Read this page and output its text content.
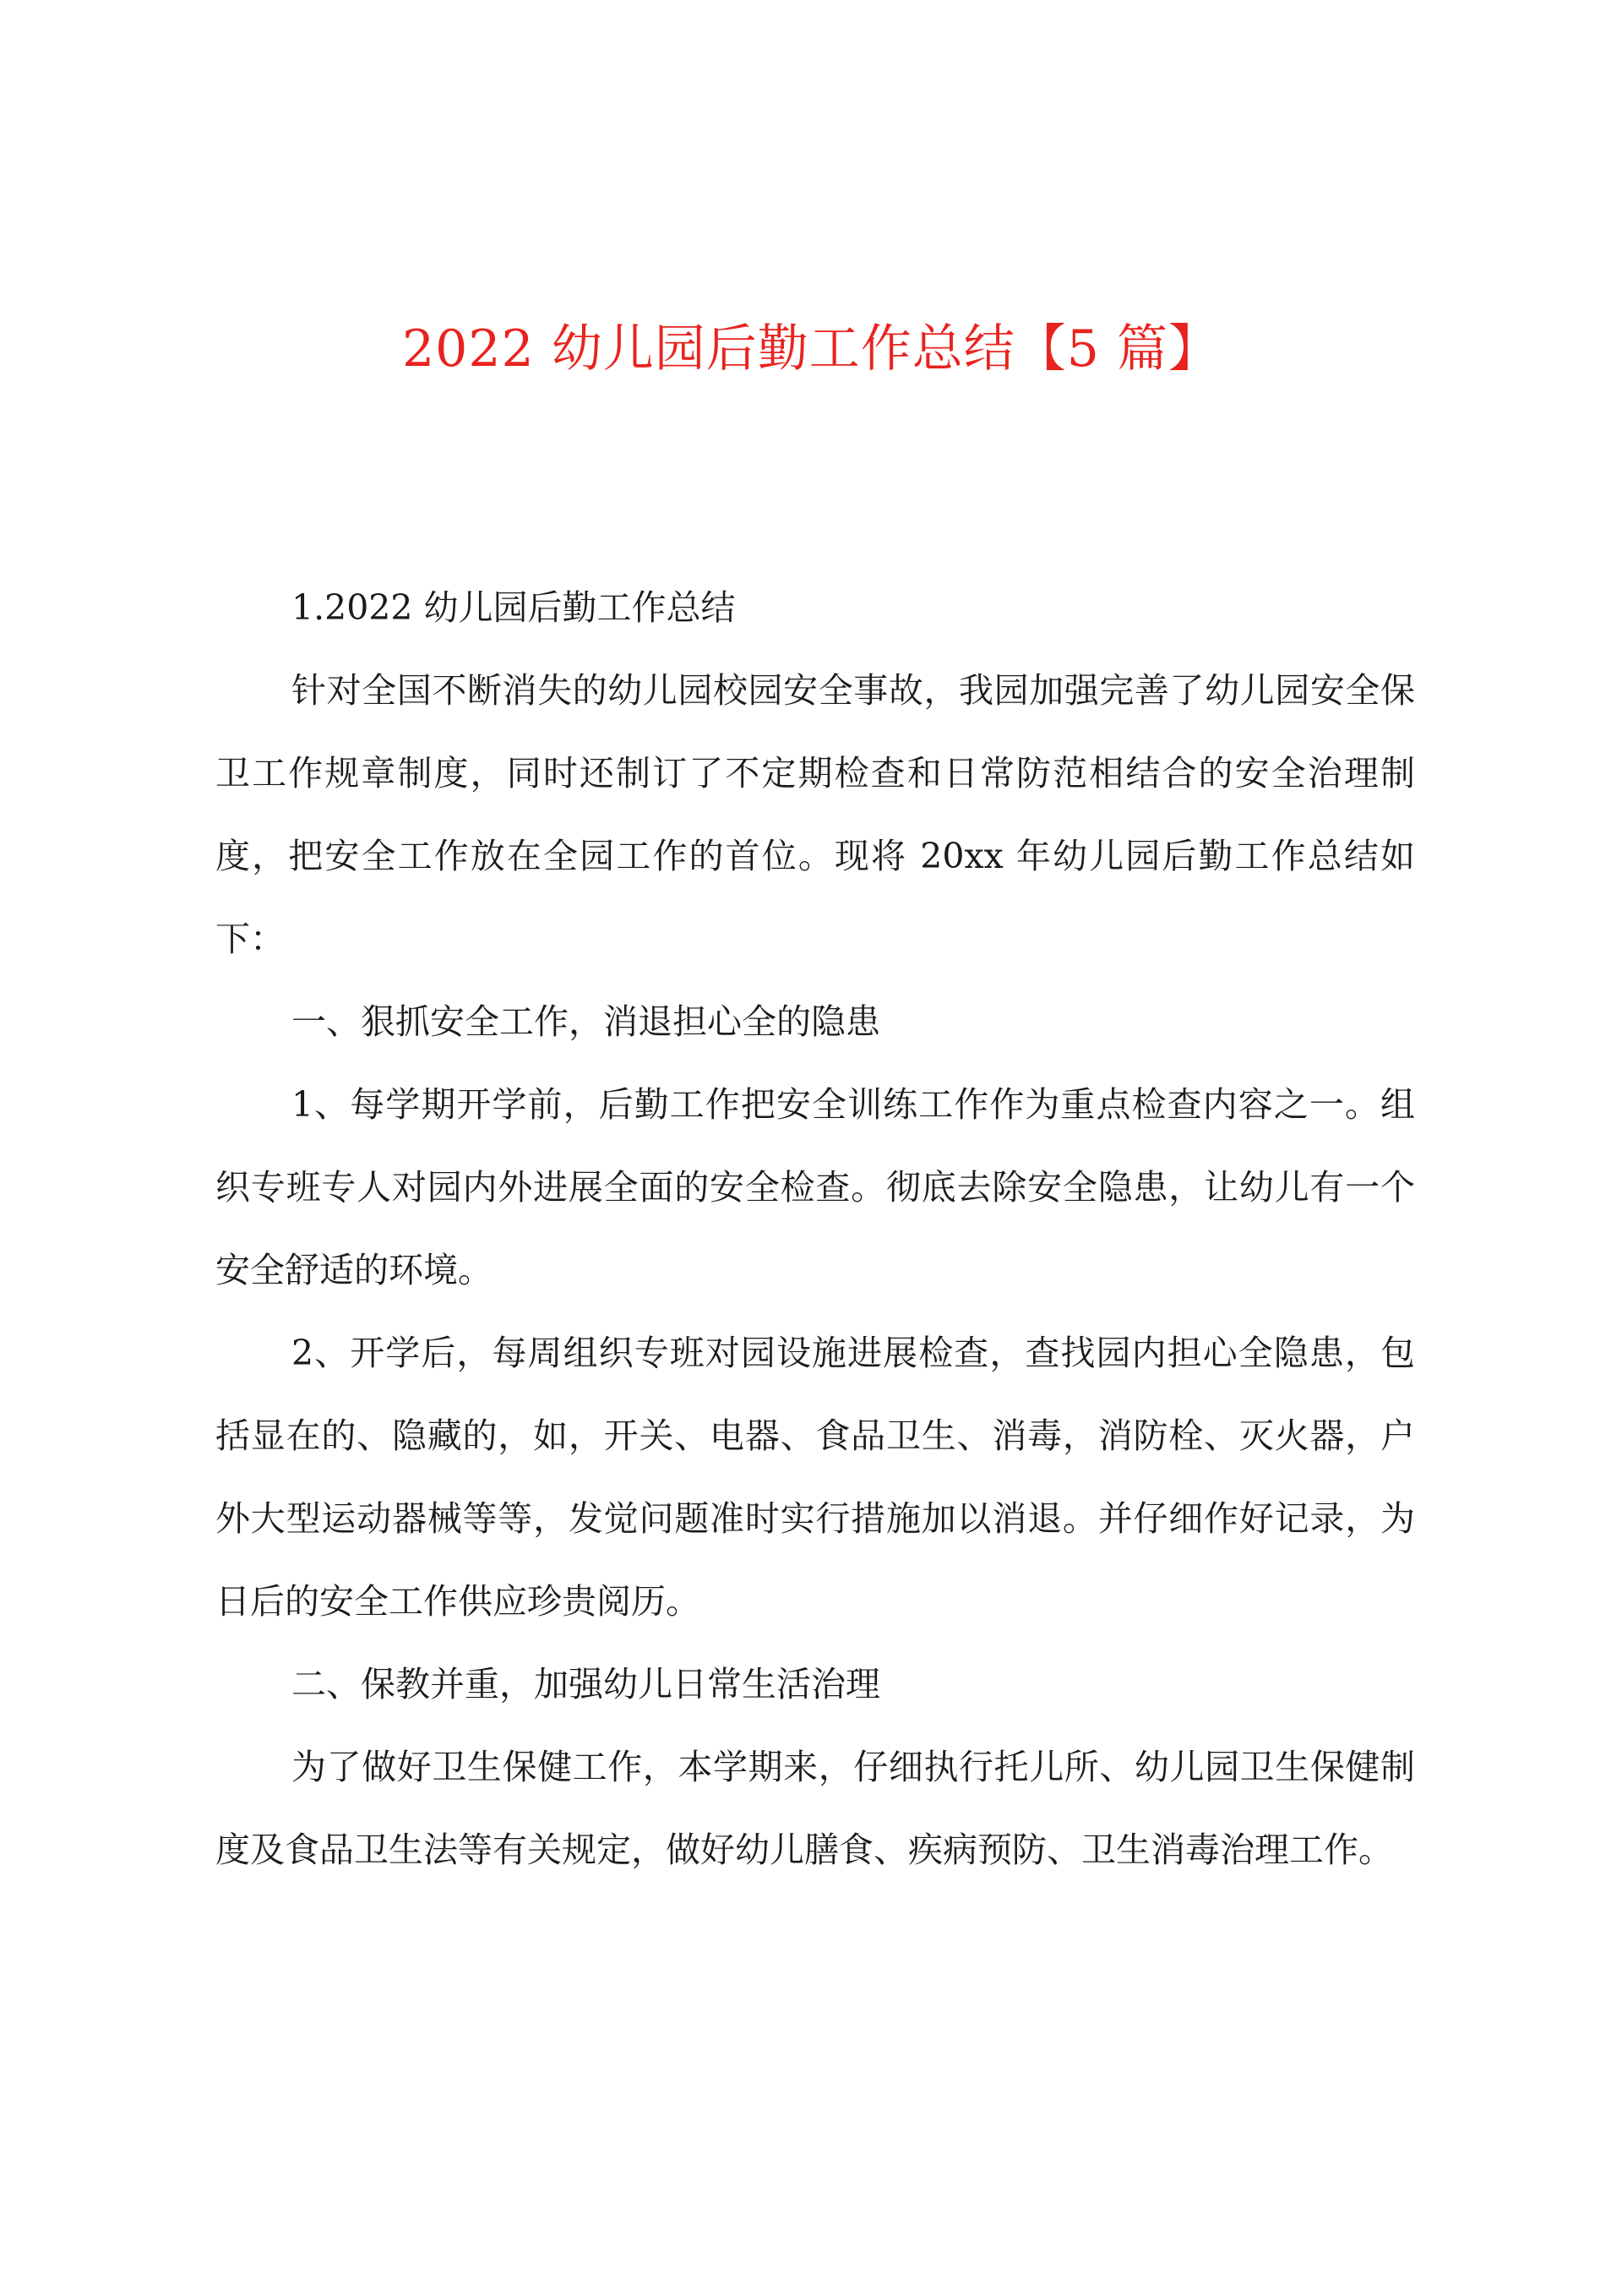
2022 幼儿园后勤工作总结【5 篇】

1.2022 幼儿园后勤工作总结

针对全国不断消失的幼儿园校园安全事故，我园加强完善了幼儿园安全保卫工作规章制度，同时还制订了不定期检查和日常防范相结合的安全治理制度，把安全工作放在全园工作的首位。现将 20xx 年幼儿园后勤工作总结如下：

一、狠抓安全工作，消退担心全的隐患

1、每学期开学前，后勤工作把安全训练工作作为重点检查内容之一。组织专班专人对园内外进展全面的安全检查。彻底去除安全隐患，让幼儿有一个安全舒适的环境。

2、开学后，每周组织专班对园设施进展检查，查找园内担心全隐患，包括显在的、隐藏的，如，开关、电器、食品卫生、消毒，消防栓、灭火器，户外大型运动器械等等，发觉问题准时实行措施加以消退。并仔细作好记录，为日后的安全工作供应珍贵阅历。

二、保教并重，加强幼儿日常生活治理

为了做好卫生保健工作，本学期来，仔细执行托儿所、幼儿园卫生保健制度及食品卫生法等有关规定，做好幼儿膳食、疾病预防、卫生消毒治理工作。
